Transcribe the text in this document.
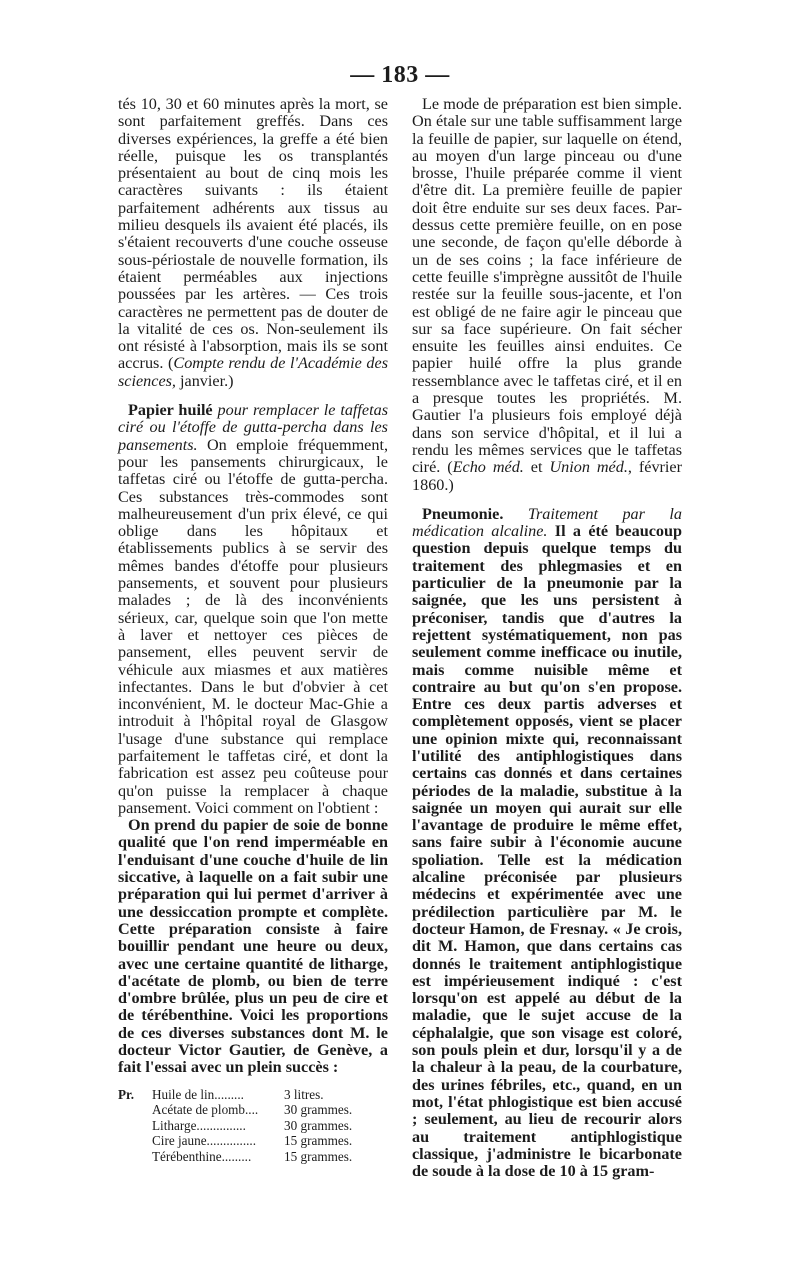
— 183 —

tés 10, 30 et 60 minutes après la mort, se sont parfaitement greffés. Dans ces diverses expériences, la greffe a été bien réelle, puisque les os transplantés présentaient au bout de cinq mois les caractères suivants : ils étaient parfaitement adhérents aux tissus au milieu desquels ils avaient été placés, ils s'étaient recouverts d'une couche osseuse sous-périostale de nouvelle formation, ils étaient perméables aux injections poussées par les artères. — Ces trois caractères ne permettent pas de douter de la vitalité de ces os. Non-seulement ils ont résisté à l'absorption, mais ils se sont accrus. (Compte rendu de l'Académie des sciences, janvier.)

Papier huilé pour remplacer le taffetas ciré ou l'étoffe de gutta-percha dans les pansements. On emploie fréquemment, pour les pansements chirurgicaux, le taffetas ciré ou l'étoffe de gutta-percha. Ces substances très-commodes sont malheureusement d'un prix élevé, ce qui oblige dans les hôpitaux et établissements publics à se servir des mêmes bandes d'étoffe pour plusieurs pansements, et souvent pour plusieurs malades ; de là des inconvénients sérieux, car, quelque soin que l'on mette à laver et nettoyer ces pièces de pansement, elles peuvent servir de véhicule aux miasmes et aux matières infectantes. Dans le but d'obvier à cet inconvénient, M. le docteur Mac-Ghie a introduit à l'hôpital royal de Glasgow l'usage d'une substance qui remplace parfaitement le taffetas ciré, et dont la fabrication est assez peu coûteuse pour qu'on puisse la remplacer à chaque pansement. Voici comment on l'obtient :

On prend du papier de soie de bonne qualité que l'on rend imperméable en l'enduisant d'une couche d'huile de lin siccative, à laquelle on a fait subir une préparation qui lui permet d'arriver à une dessiccation prompte et complète. Cette préparation consiste à faire bouillir pendant une heure ou deux, avec une certaine quantité de litharge, d'acétate de plomb, ou bien de terre d'ombre brûlée, plus un peu de cire et de térébenthine. Voici les proportions de ces diverses substances dont M. le docteur Victor Gautier, de Genève, a fait l'essai avec un plein succès :

Pr.	Huile de lin.........	3 litres.
Acétate de plomb....	30 grammes.
Litharge...............	30 grammes.
Cire jaune...............	15 grammes.
Térébenthine.........	15 grammes.

Le mode de préparation est bien simple. On étale sur une table suffisamment large la feuille de papier, sur laquelle on étend, au moyen d'un large pinceau ou d'une brosse, l'huile préparée comme il vient d'être dit. La première feuille de papier doit être enduite sur ses deux faces. Par-dessus cette première feuille, on en pose une seconde, de façon qu'elle déborde à un de ses coins ; la face inférieure de cette feuille s'imprègne aussitôt de l'huile restée sur la feuille sous-jacente, et l'on est obligé de ne faire agir le pinceau que sur sa face supérieure. On fait sécher ensuite les feuilles ainsi enduites. Ce papier huilé offre la plus grande ressemblance avec le taffetas ciré, et il en a presque toutes les propriétés. M. Gautier l'a plusieurs fois employé déjà dans son service d'hôpital, et il lui a rendu les mêmes services que le taffetas ciré. (Echo méd. et Union méd., février 1860.)

Pneumonie. Traitement par la médication alcaline. Il a été beaucoup question depuis quelque temps du traitement des phlegmasies et en particulier de la pneumonie par la saignée, que les uns persistent à préconiser, tandis que d'autres la rejettent systématiquement, non pas seulement comme inefficace ou inutile, mais comme nuisible même et contraire au but qu'on s'en propose. Entre ces deux partis adverses et complètement opposés, vient se placer une opinion mixte qui, reconnaissant l'utilité des antiphlogistiques dans certains cas donnés et dans certaines périodes de la maladie, substitue à la saignée un moyen qui aurait sur elle l'avantage de produire le même effet, sans faire subir à l'économie aucune spoliation. Telle est la médication alcaline préconisée par plusieurs médecins et expérimentée avec une prédilection particulière par M. le docteur Hamon, de Fresnay. « Je crois, dit M. Hamon, que dans certains cas donnés le traitement antiphlogistique est impérieusement indiqué : c'est lorsqu'on est appelé au début de la maladie, que le sujet accuse de la céphalalgie, que son visage est coloré, son pouls plein et dur, lorsqu'il y a de la chaleur à la peau, de la courbature, des urines fébriles, etc., quand, en un mot, l'état phlogistique est bien accusé ; seulement, au lieu de recourir alors au traitement antiphlogistique classique, j'administre le bicarbonate de soude à la dose de 10 à 15 gram-
